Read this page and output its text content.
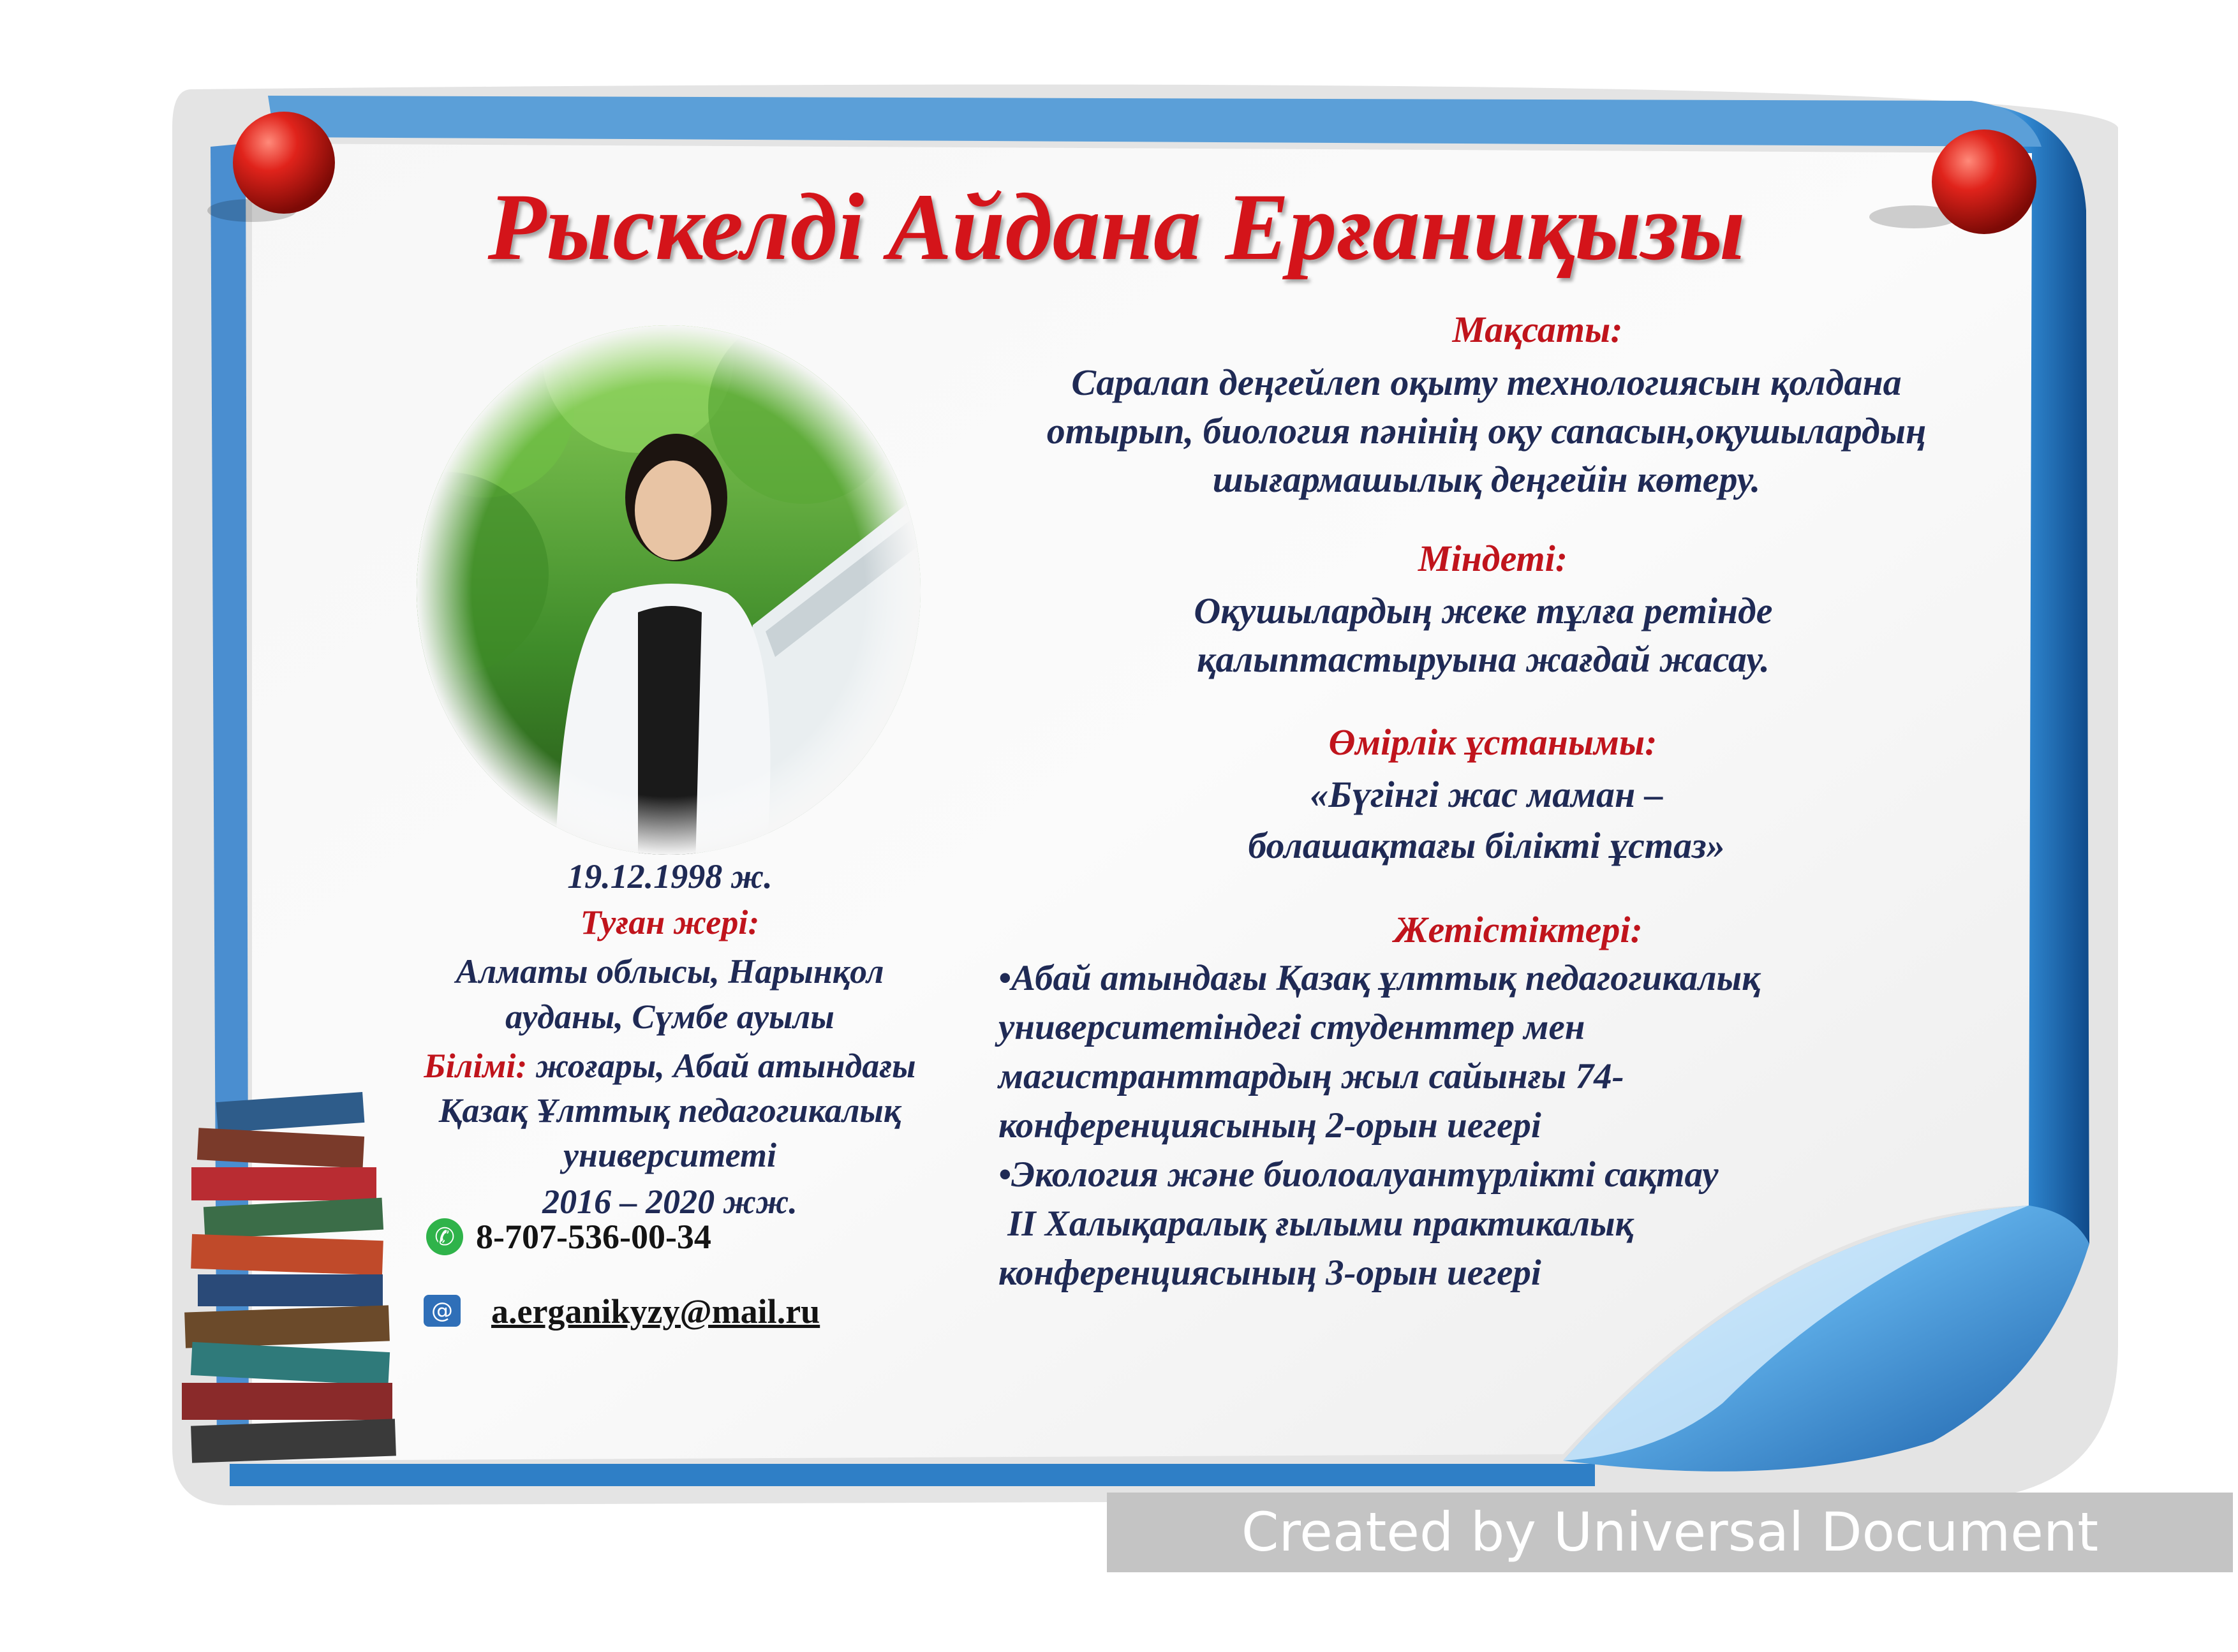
Рыскелді Айдана Ерғаниқызы
19.12.1998 ж.
Туған жері:
Алматы облысы, Нарынқол
ауданы, Сүмбе ауылы
Білімі: жоғары, Абай атындағы
Қазақ Ұлттық педагогикалық
университеті
2016 – 2020 жж.
✆ 8-707-536-00-34
@ a.erganikyzy@mail.ru
Мақсаты:
Саралап деңгейлеп оқыту технологиясын қолдана
отырып, биология пәнінің оқу сапасын,оқушылардың
шығармашылық деңгейін көтеру.
Міндеті:
Оқушылардың жеке тұлға ретінде
қалыптастыруына жағдай жасау.
Өмірлік ұстанымы:
«Бүгінгі жас маман –
болашақтағы білікті ұстаз»
Жетістіктері:
•Абай атындағы Қазақ ұлттық педагогикалық
университетіндегі студенттер мен
магистранттардың жыл сайынғы 74-
конференциясының 2-орын иегері
•Экология және биолоалуантүрлікті сақтау
ІІ Халықаралық ғылыми практикалық
конференциясының 3-орын иегері
Created by Universal Document Converter
